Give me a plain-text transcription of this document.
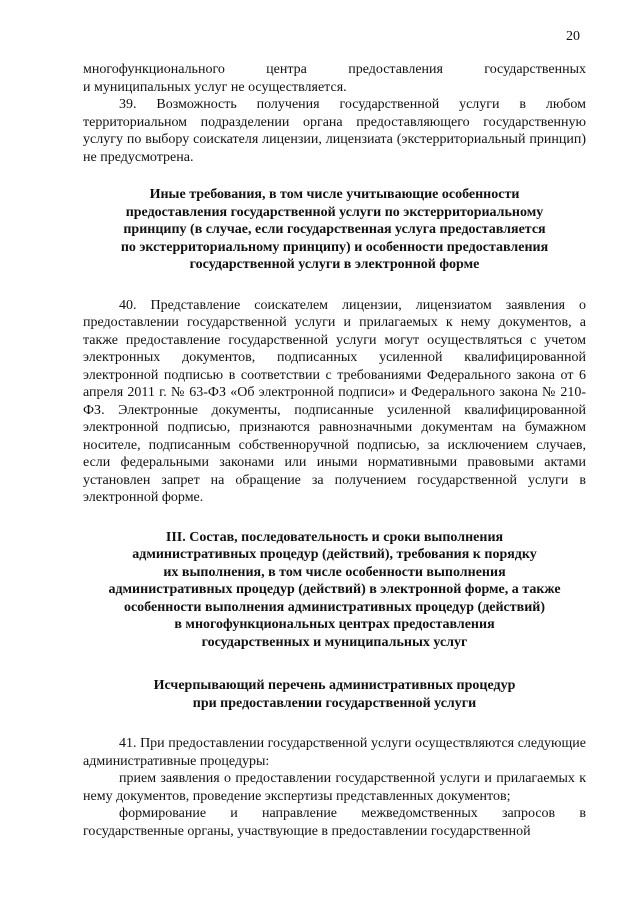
20
многофункционального центра предоставления государственных
и муниципальных услуг не осуществляется.

39. Возможность получения государственной услуги в любом территориальном подразделении органа предоставляющего государственную услугу по выбору соискателя лицензии, лицензиата (экстерриториальный принцип) не предусмотрена.

Иные требования, в том числе учитывающие особенности
предоставления государственной услуги по экстерриториальному
принципу (в случае, если государственная услуга предоставляется
по экстерриториальному принципу) и особенности предоставления
государственной услуги в электронной форме

40. Представление соискателем лицензии, лицензиатом заявления о предоставлении государственной услуги и прилагаемых к нему документов, а также предоставление государственной услуги могут осуществляться с учетом электронных документов, подписанных усиленной квалифицированной электронной подписью в соответствии с требованиями Федерального закона от 6 апреля 2011 г. № 63-ФЗ «Об электронной подписи» и Федерального закона № 210-ФЗ. Электронные документы, подписанные усиленной квалифицированной электронной подписью, признаются равнозначными документам на бумажном носителе, подписанным собственноручной подписью, за исключением случаев, если федеральными законами или иными нормативными правовыми актами установлен запрет на обращение за получением государственной услуги в электронной форме.

III. Состав, последовательность и сроки выполнения
административных процедур (действий), требования к порядку
их выполнения, в том числе особенности выполнения
административных процедур (действий) в электронной форме, а также
особенности выполнения административных процедур (действий)
в многофункциональных центрах предоставления
государственных и муниципальных услуг
Исчерпывающий перечень административных процедур
при предоставлении государственной услуги

41. При предоставлении государственной услуги осуществляются следующие административные процедуры:

прием заявления о предоставлении государственной услуги и прилагаемых к нему документов, проведение экспертизы представленных документов;

формирование и направление межведомственных запросов в государственные органы, участвующие в предоставлении государственной
